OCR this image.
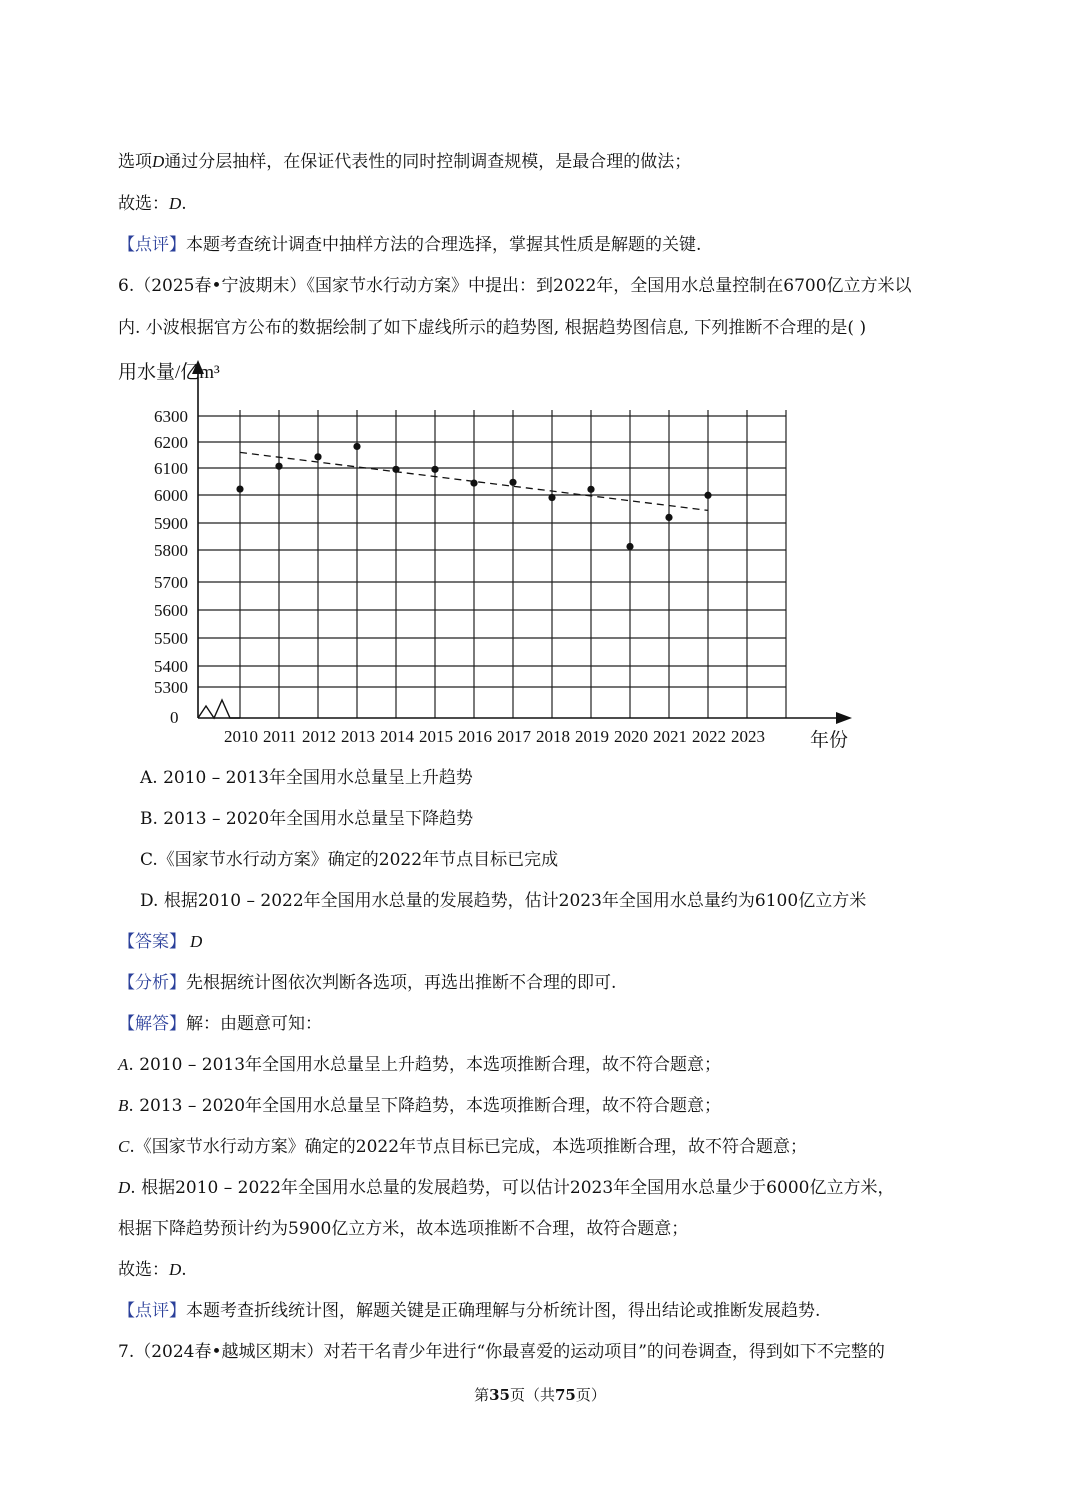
选项D通过分层抽样，在保证代表性的同时控制调查规模，是最合理的做法；
故选：D.
【点评】本题考查统计调查中抽样方法的合理选择，掌握其性质是解题的关键.
6.（2025春•宁波期末）《国家节水行动方案》中提出：到2022年，全国用水总量控制在6700亿立方米以
内. 小波根据官方公布的数据绘制了如下虚线所示的趋势图, 根据趋势图信息, 下列推断不合理的是( )
0
5300
5400
5500
5600
5700
5800
5900
6000
6100
6200
6300
2010 2011 2012 2013 2014 2015 2016 2017 2018 2019 2020 2021 2022 2023
用水量/亿m³
年份
A. 2010 – 2013年全国用水总量呈上升趋势
B. 2013 – 2020年全国用水总量呈下降趋势
C.《国家节水行动方案》确定的2022年节点目标已完成
D. 根据2010 – 2022年全国用水总量的发展趋势，估计2023年全国用水总量约为6100亿立方米
【答案】 D
【分析】先根据统计图依次判断各选项，再选出推断不合理的即可.
【解答】解：由题意可知：
A. 2010 – 2013年全国用水总量呈上升趋势，本选项推断合理，故不符合题意；
B. 2013 – 2020年全国用水总量呈下降趋势，本选项推断合理，故不符合题意；
C.《国家节水行动方案》确定的2022年节点目标已完成，本选项推断合理，故不符合题意；
D. 根据2010 – 2022年全国用水总量的发展趋势，可以估计2023年全国用水总量少于6000亿立方米，
根据下降趋势预计约为5900亿立方米，故本选项推断不合理，故符合题意；
故选：D.
【点评】本题考查折线统计图，解题关键是正确理解与分析统计图，得出结论或推断发展趋势.
7.（2024春•越城区期末）对若干名青少年进行“你最喜爱的运动项目”的问卷调查，得到如下不完整的
第35页（共75页）
